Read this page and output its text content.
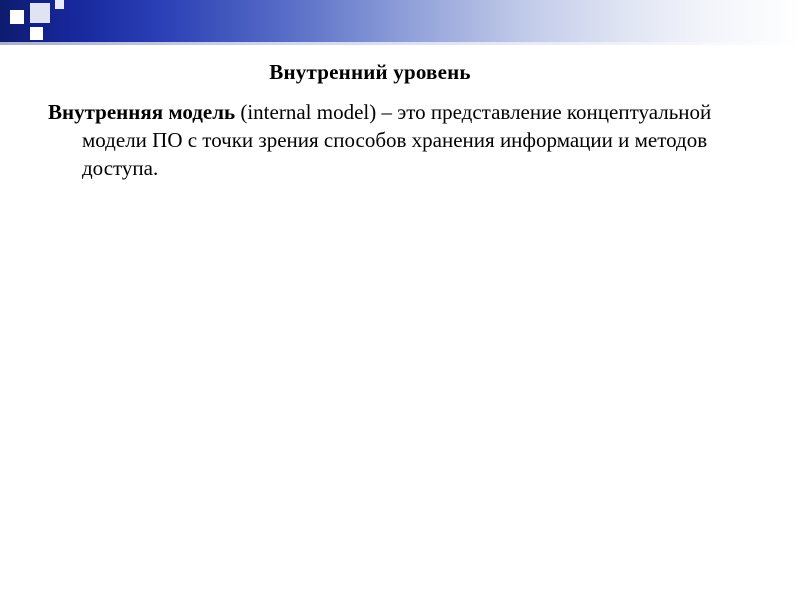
Внутренний уровень

Внутренняя модель (internal model) – это представление концептуальной модели ПО с точки зрения способов хранения информации и методов доступа.
